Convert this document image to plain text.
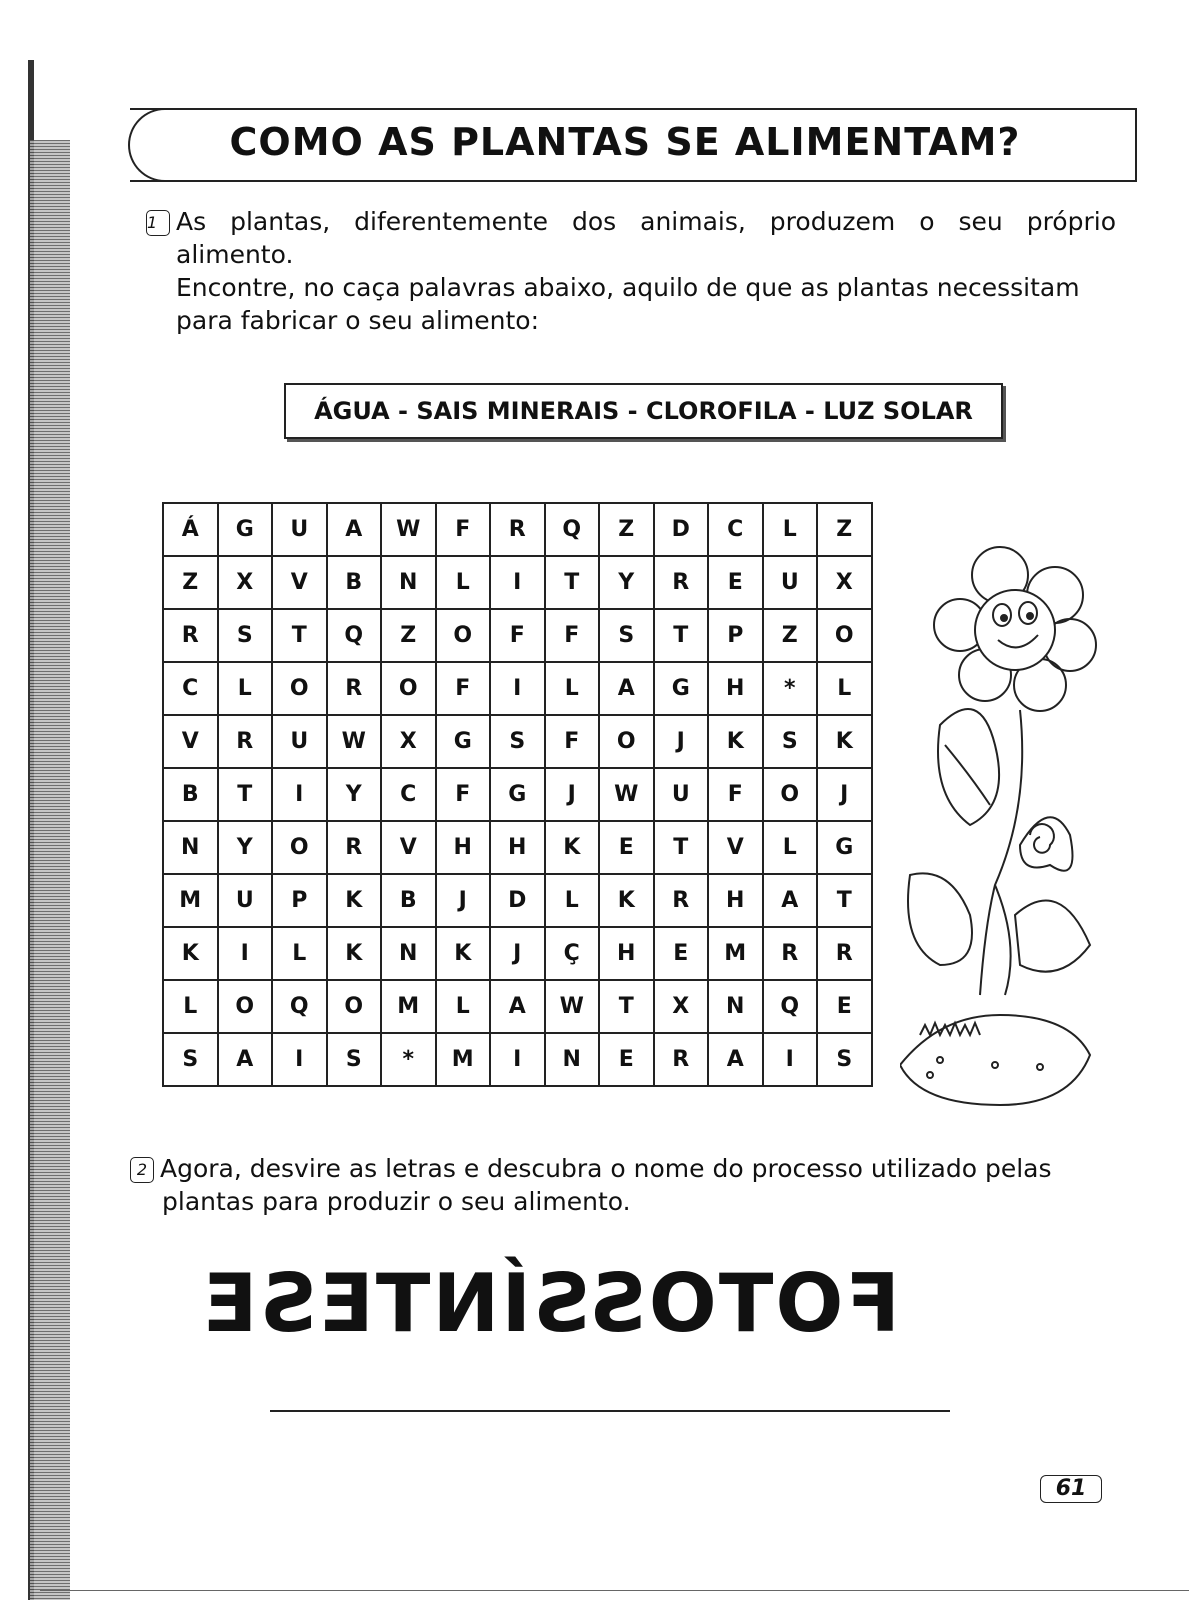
COMO AS PLANTAS SE ALIMENTAM?
1 As plantas, diferentemente dos animais, produzem o seu próprio
alimento.
Encontre, no caça palavras abaixo, aquilo de que as plantas necessitam
para fabricar o seu alimento:
ÁGUA - SAIS MINERAIS - CLOROFILA - LUZ SOLAR
Á	G	U	A	W	F	R	Q	Z	D	C	L	Z
Z	X	V	B	N	L	I	T	Y	R	E	U	X
R	S	T	Q	Z	O	F	F	S	T	P	Z	O
C	L	O	R	O	F	I	L	A	G	H	*	L
V	R	U	W	X	G	S	F	O	J	K	S	K
B	T	I	Y	C	F	G	J	W	U	F	O	J
N	Y	O	R	V	H	H	K	E	T	V	L	G
M	U	P	K	B	J	D	L	K	R	H	A	T
K	I	L	K	N	K	J	Ç	H	E	M	R	R
L	O	Q	O	M	L	A	W	T	X	N	Q	E
S	A	I	S	*	M	I	N	E	R	A	I	S
2 Agora, desvire as letras e descubra o nome do processo utilizado pelas
plantas para produzir o seu alimento.
FOTOSSÍNTESE
61
